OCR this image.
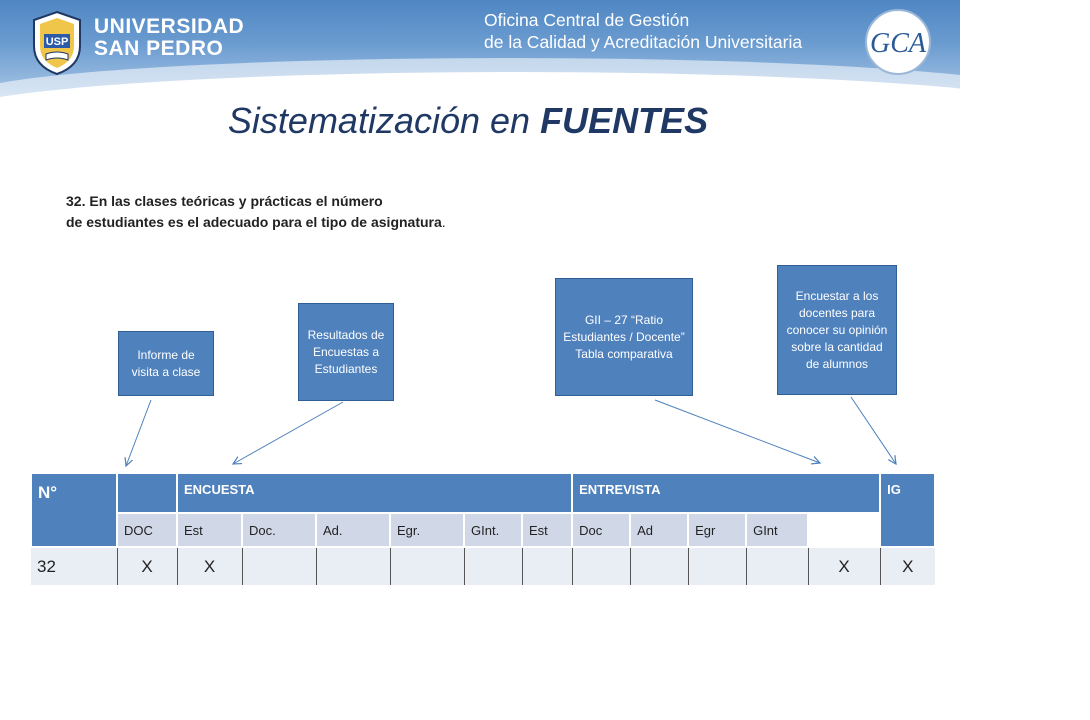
USP
UNIVERSIDAD
SAN PEDRO
Oficina Central de Gestión
de la Calidad y Acreditación Universitaria GCA
Sistematización en FUENTES
32. En las clases teóricas y prácticas el número
de estudiantes es el adecuado para el tipo de asignatura.
Informe de visita a clase
Resultados de Encuestas a Estudiantes
GII – 27 “Ratio Estudiantes / Docente” Tabla comparativa
Encuestar a los docentes para conocer su opinión sobre la cantidad de alumnos
N°		ENCUESTA						ENTREVISTA					IG	CUE ST.
	DOC	Est	Doc.	Ad.	Egr.	GInt.	Est	Doc	Ad	Egr	GInt			
32	X	X										X	X	
